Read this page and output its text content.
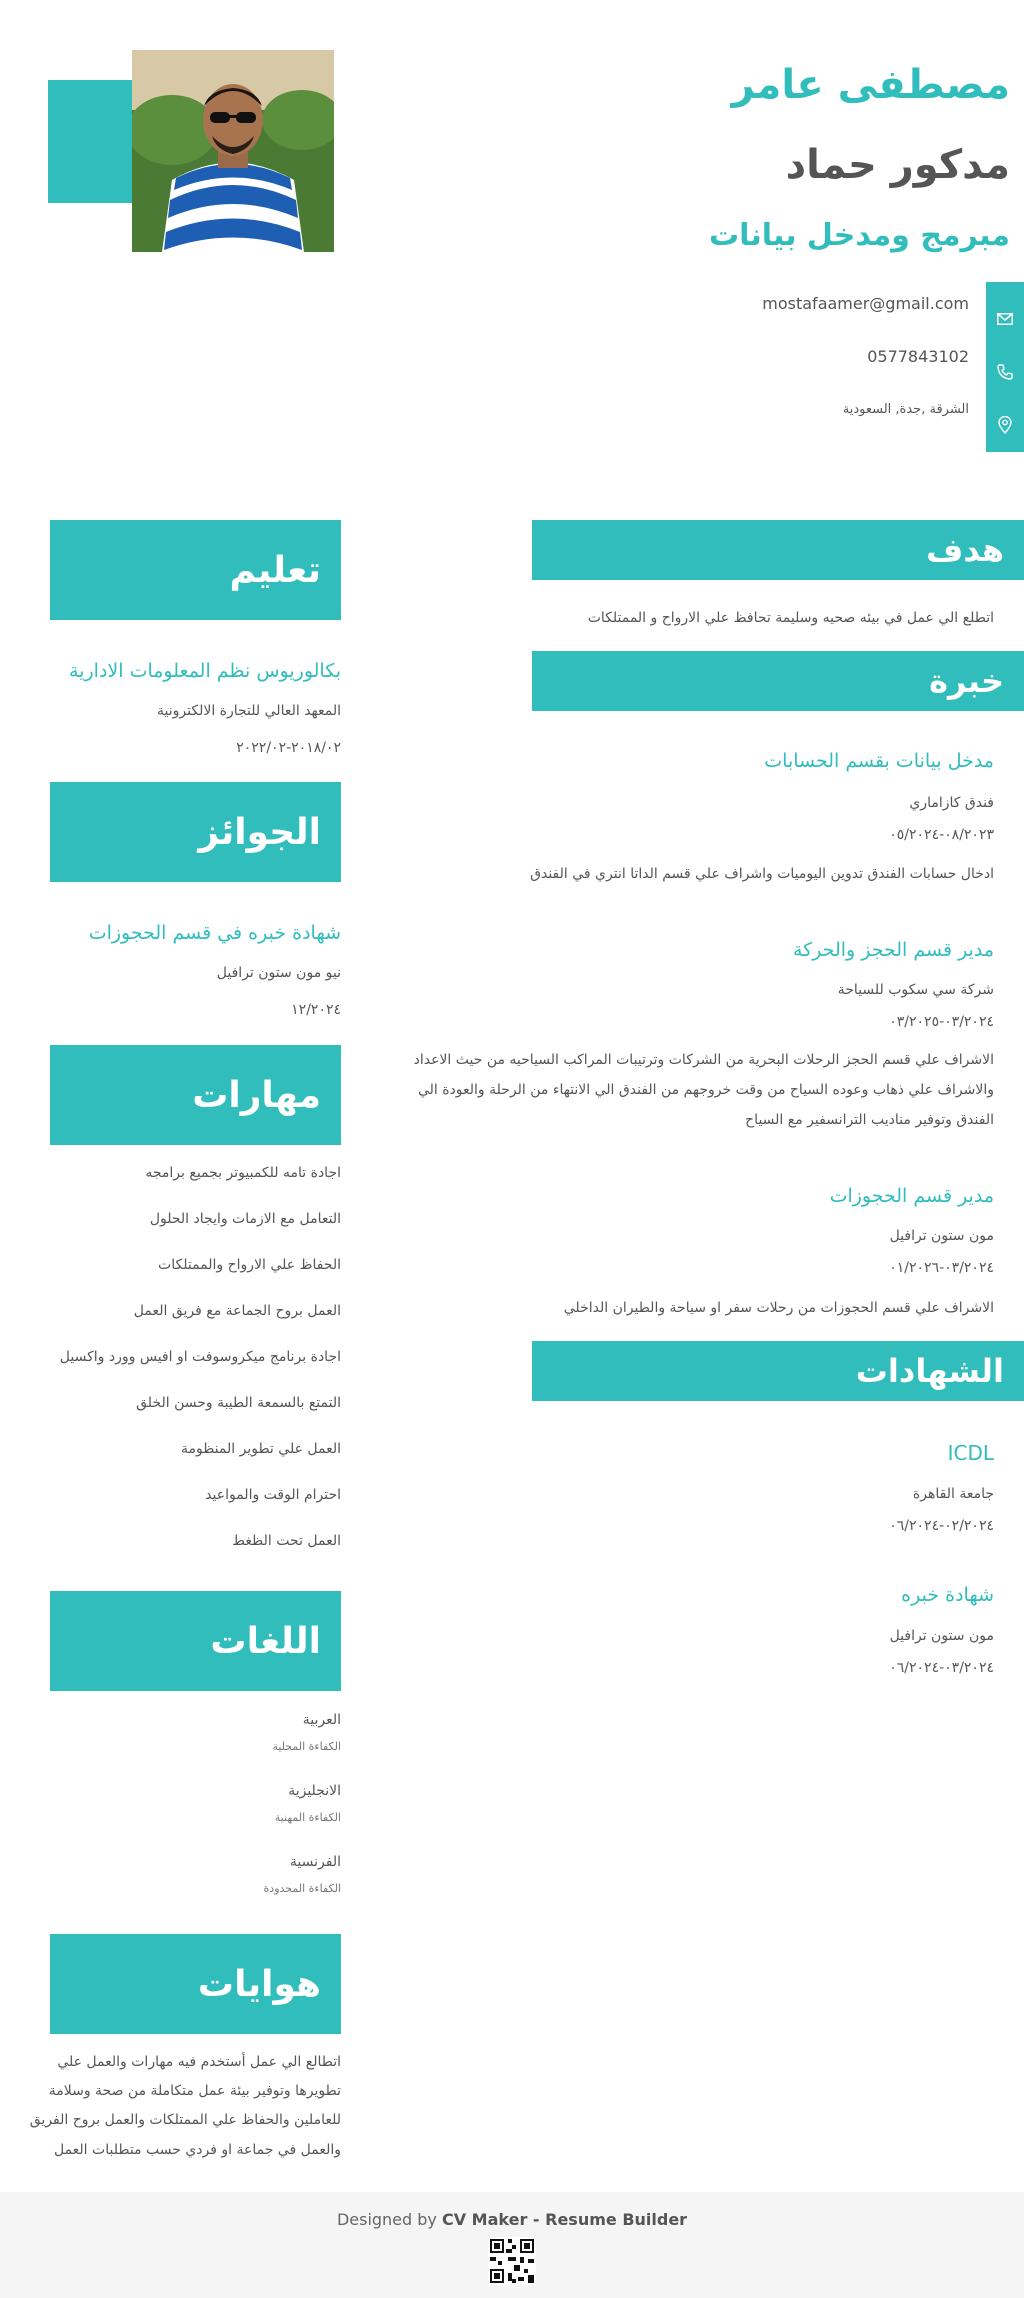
مصطفى عامر
مدكور حماد
مبرمج ومدخل بيانات
mostafaamer@gmail.com
0577843102
الشرقة ,جدة, السعودية
هدف
اتطلع الي عمل في بيئه صحيه وسليمة تحافظ علي الارواح و الممتلكات
خبرة
مدخل بيانات بقسم الحسابات
فندق كازاماري
٠٨/٢٠٢٣-٠٥/٢٠٢٤
ادخال حسابات الفندق تدوين اليوميات واشراف علي قسم الداتا انتري في الفندق
مدير قسم الحجز والحركة
شركة سي سكوب للسياحة
٠٣/٢٠٢٤-٠٣/٢٠٢٥
الاشراف علي قسم الحجز الرحلات البحرية من الشركات وترتيبات المراكب السياحيه من حيث الاعداد
والاشراف علي ذهاب وعوده السياح من وقت خروجهم من الفندق الي الانتهاء من الرحلة والعودة الي
الفندق وتوفير مناديب الترانسفير مع السياح
مدير قسم الحجوزات
مون ستون ترافيل
٠٣/٢٠٢٤-٠١/٢٠٢٦
الاشراف علي قسم الحجوزات من رحلات سفر او سياحة والطيران الداخلي
الشهادات
ICDL
جامعة القاهرة
٠٢/٢٠٢٤-٠٦/٢٠٢٤
شهادة خبره
مون ستون ترافيل
٠٣/٢٠٢٤-٠٦/٢٠٢٤
تعليم
بكالوريوس نظم المعلومات الادارية
المعهد العالي للتجارة الالكترونية
٢٠١٨/٠٢-٢٠٢٢/٠٢
الجوائز
شهادة خبره في قسم الحجوزات
نيو مون ستون ترافيل
١٢/٢٠٢٤
مهارات
اجادة تامه للكمبيوتر بجميع برامجه
التعامل مع الازمات وايجاد الحلول
الحفاظ علي الارواح والممتلكات
العمل بروح الجماعة مع فريق العمل
اجادة برنامج ميكروسوفت او افيس وورد واكسيل
التمتع بالسمعة الطيبة وحسن الخلق
العمل علي تطوير المنظومة
احترام الوقت والمواعيد
العمل تحت الظغط
اللغات
العربية
الكفاءة المحلية
الانجليزية
الكفاءة المهنية
الفرنسية
الكفاءة المحدودة
هوايات
اتطالع الي عمل أستخدم فيه مهارات والعمل علي
تطويرها وتوفير بيئة عمل متكاملة من صحة وسلامة
للعاملين والحفاظ علي الممتلكات والعمل بروح الفريق
والعمل في جماعة او فردي حسب متطلبات العمل
Designed by CV Maker - Resume Builder
